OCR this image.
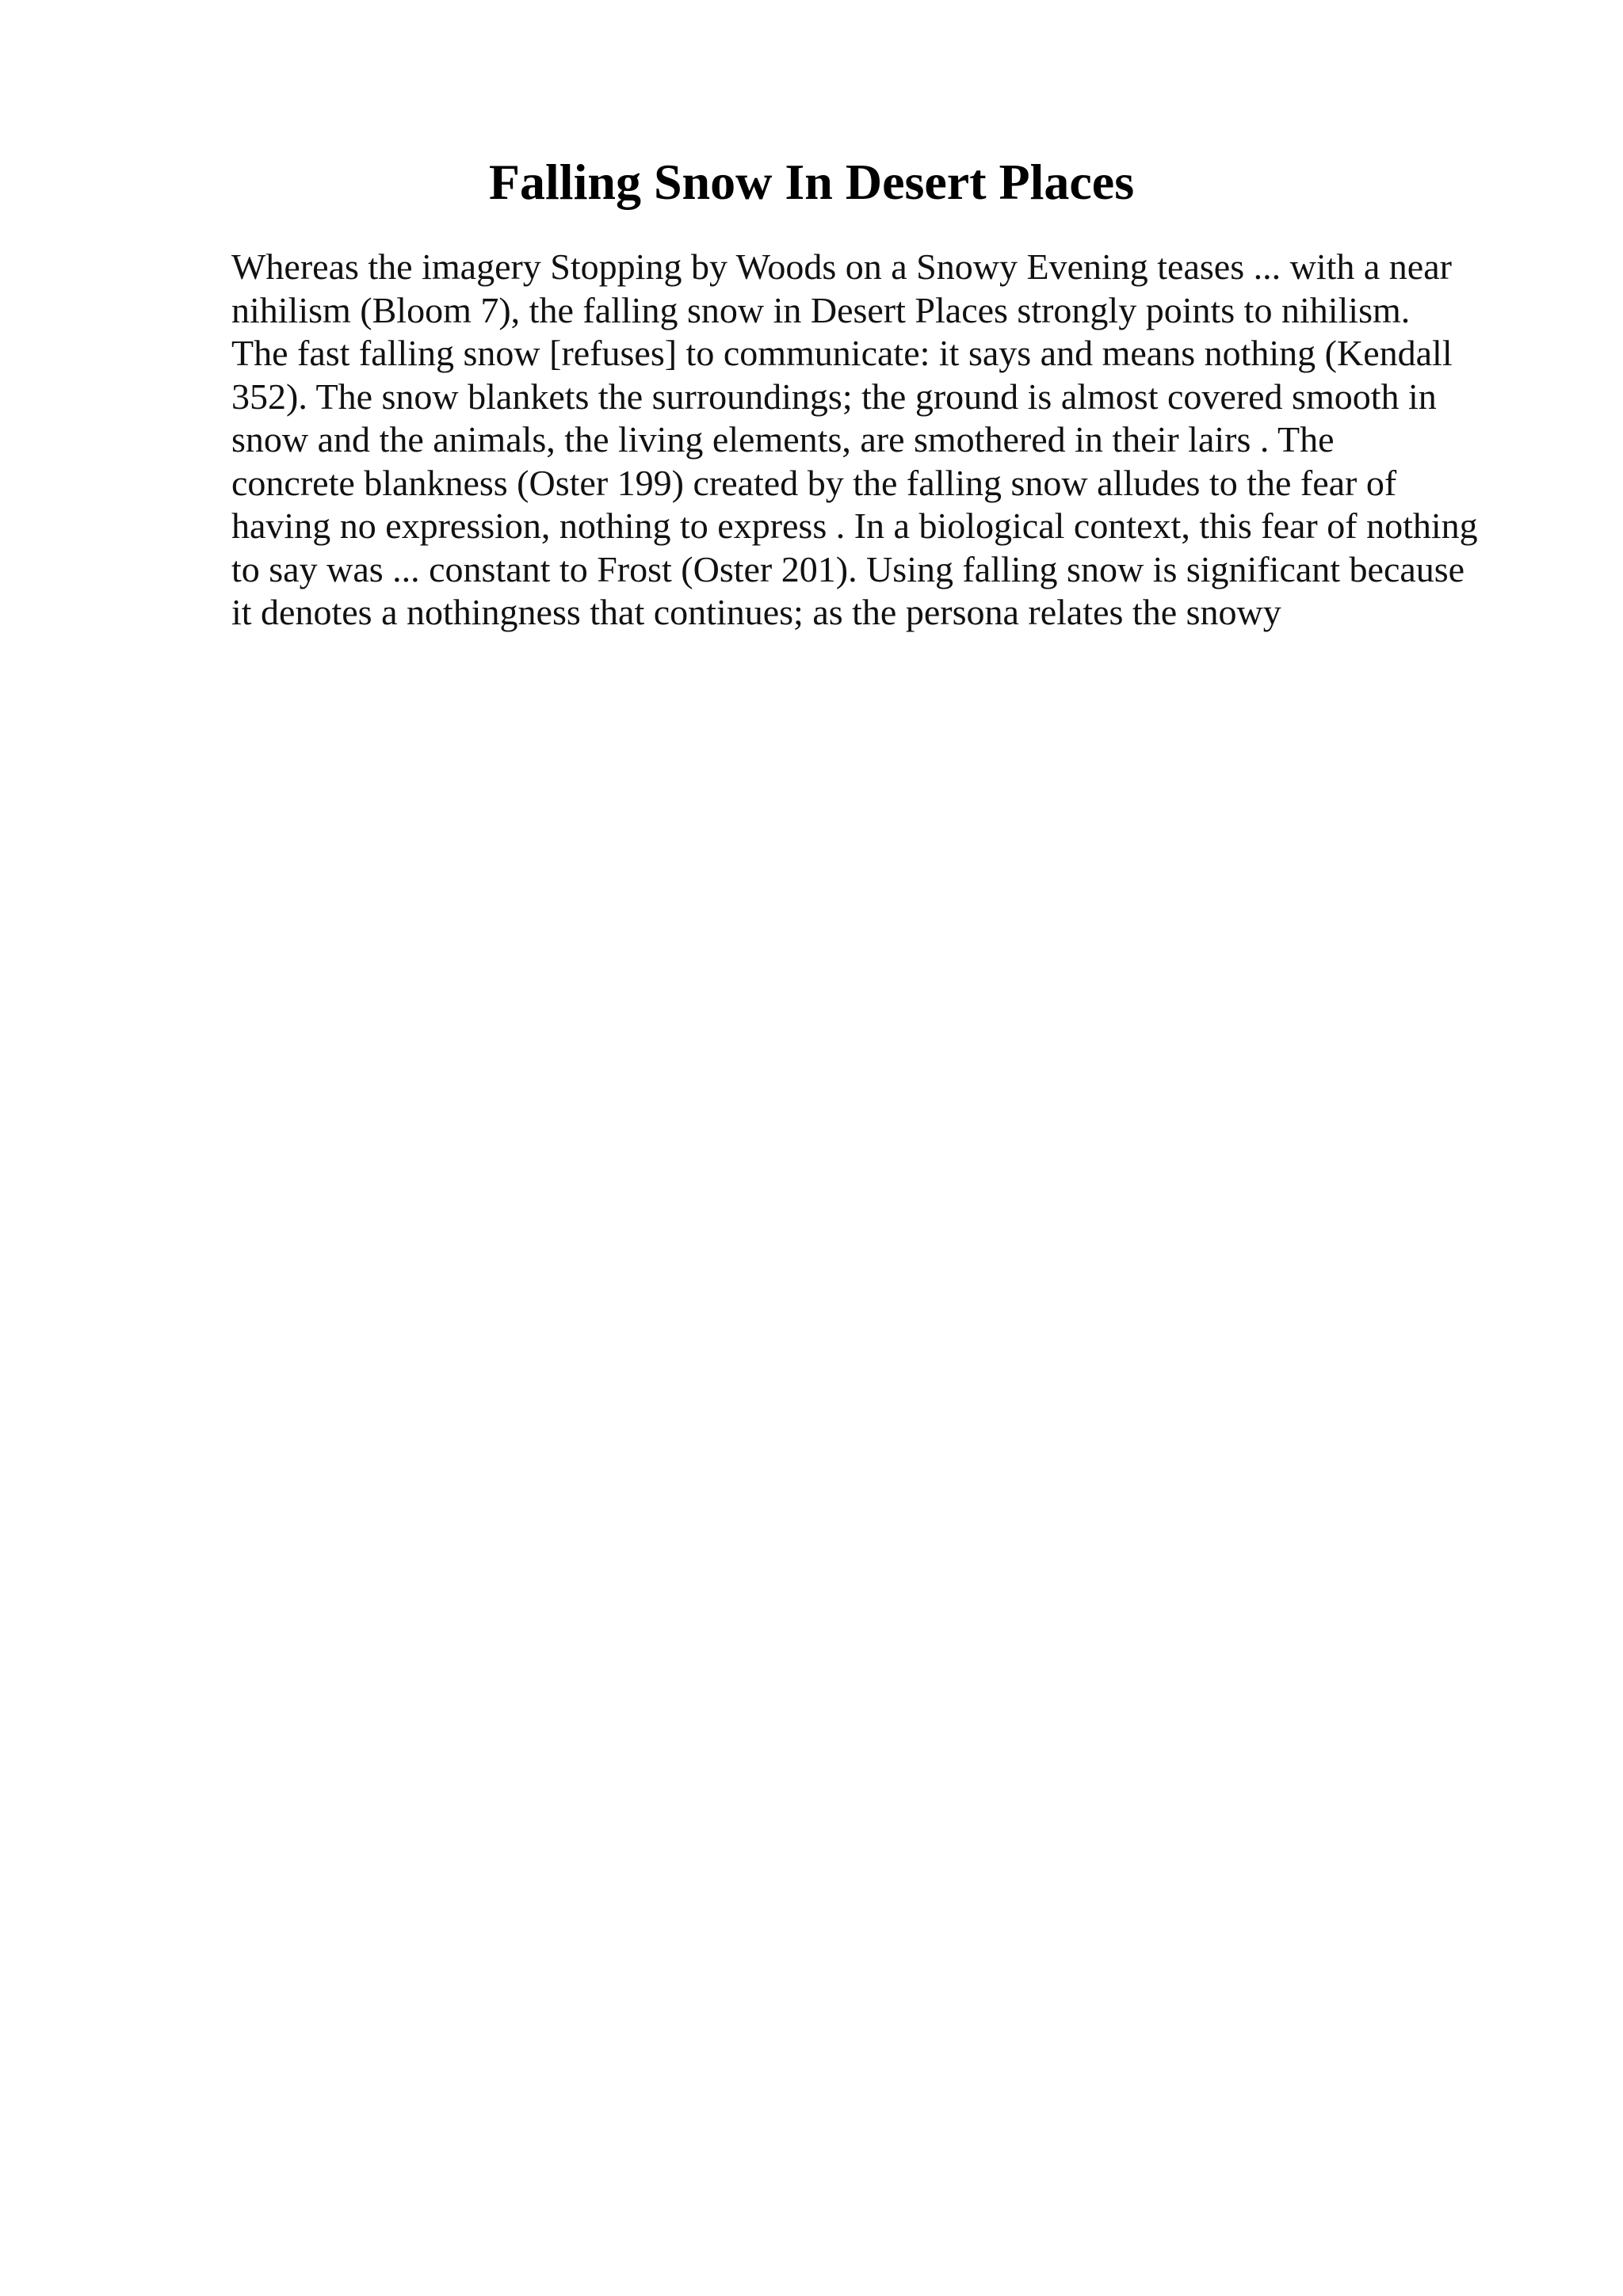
Falling Snow In Desert Places
Whereas the imagery Stopping by Woods on a Snowy Evening teases ... with a near
nihilism (Bloom 7), the falling snow in Desert Places strongly points to nihilism.
The fast falling snow [refuses] to communicate: it says and means nothing (Kendall
352). The snow blankets the surroundings; the ground is almost covered smooth in
snow and the animals, the living elements, are smothered in their lairs . The
concrete blankness (Oster 199) created by the falling snow alludes to the fear of
having no expression, nothing to express . In a biological context, this fear of nothing
to say was ... constant to Frost (Oster 201). Using falling snow is significant because
it denotes a nothingness that continues; as the persona relates the snowy
